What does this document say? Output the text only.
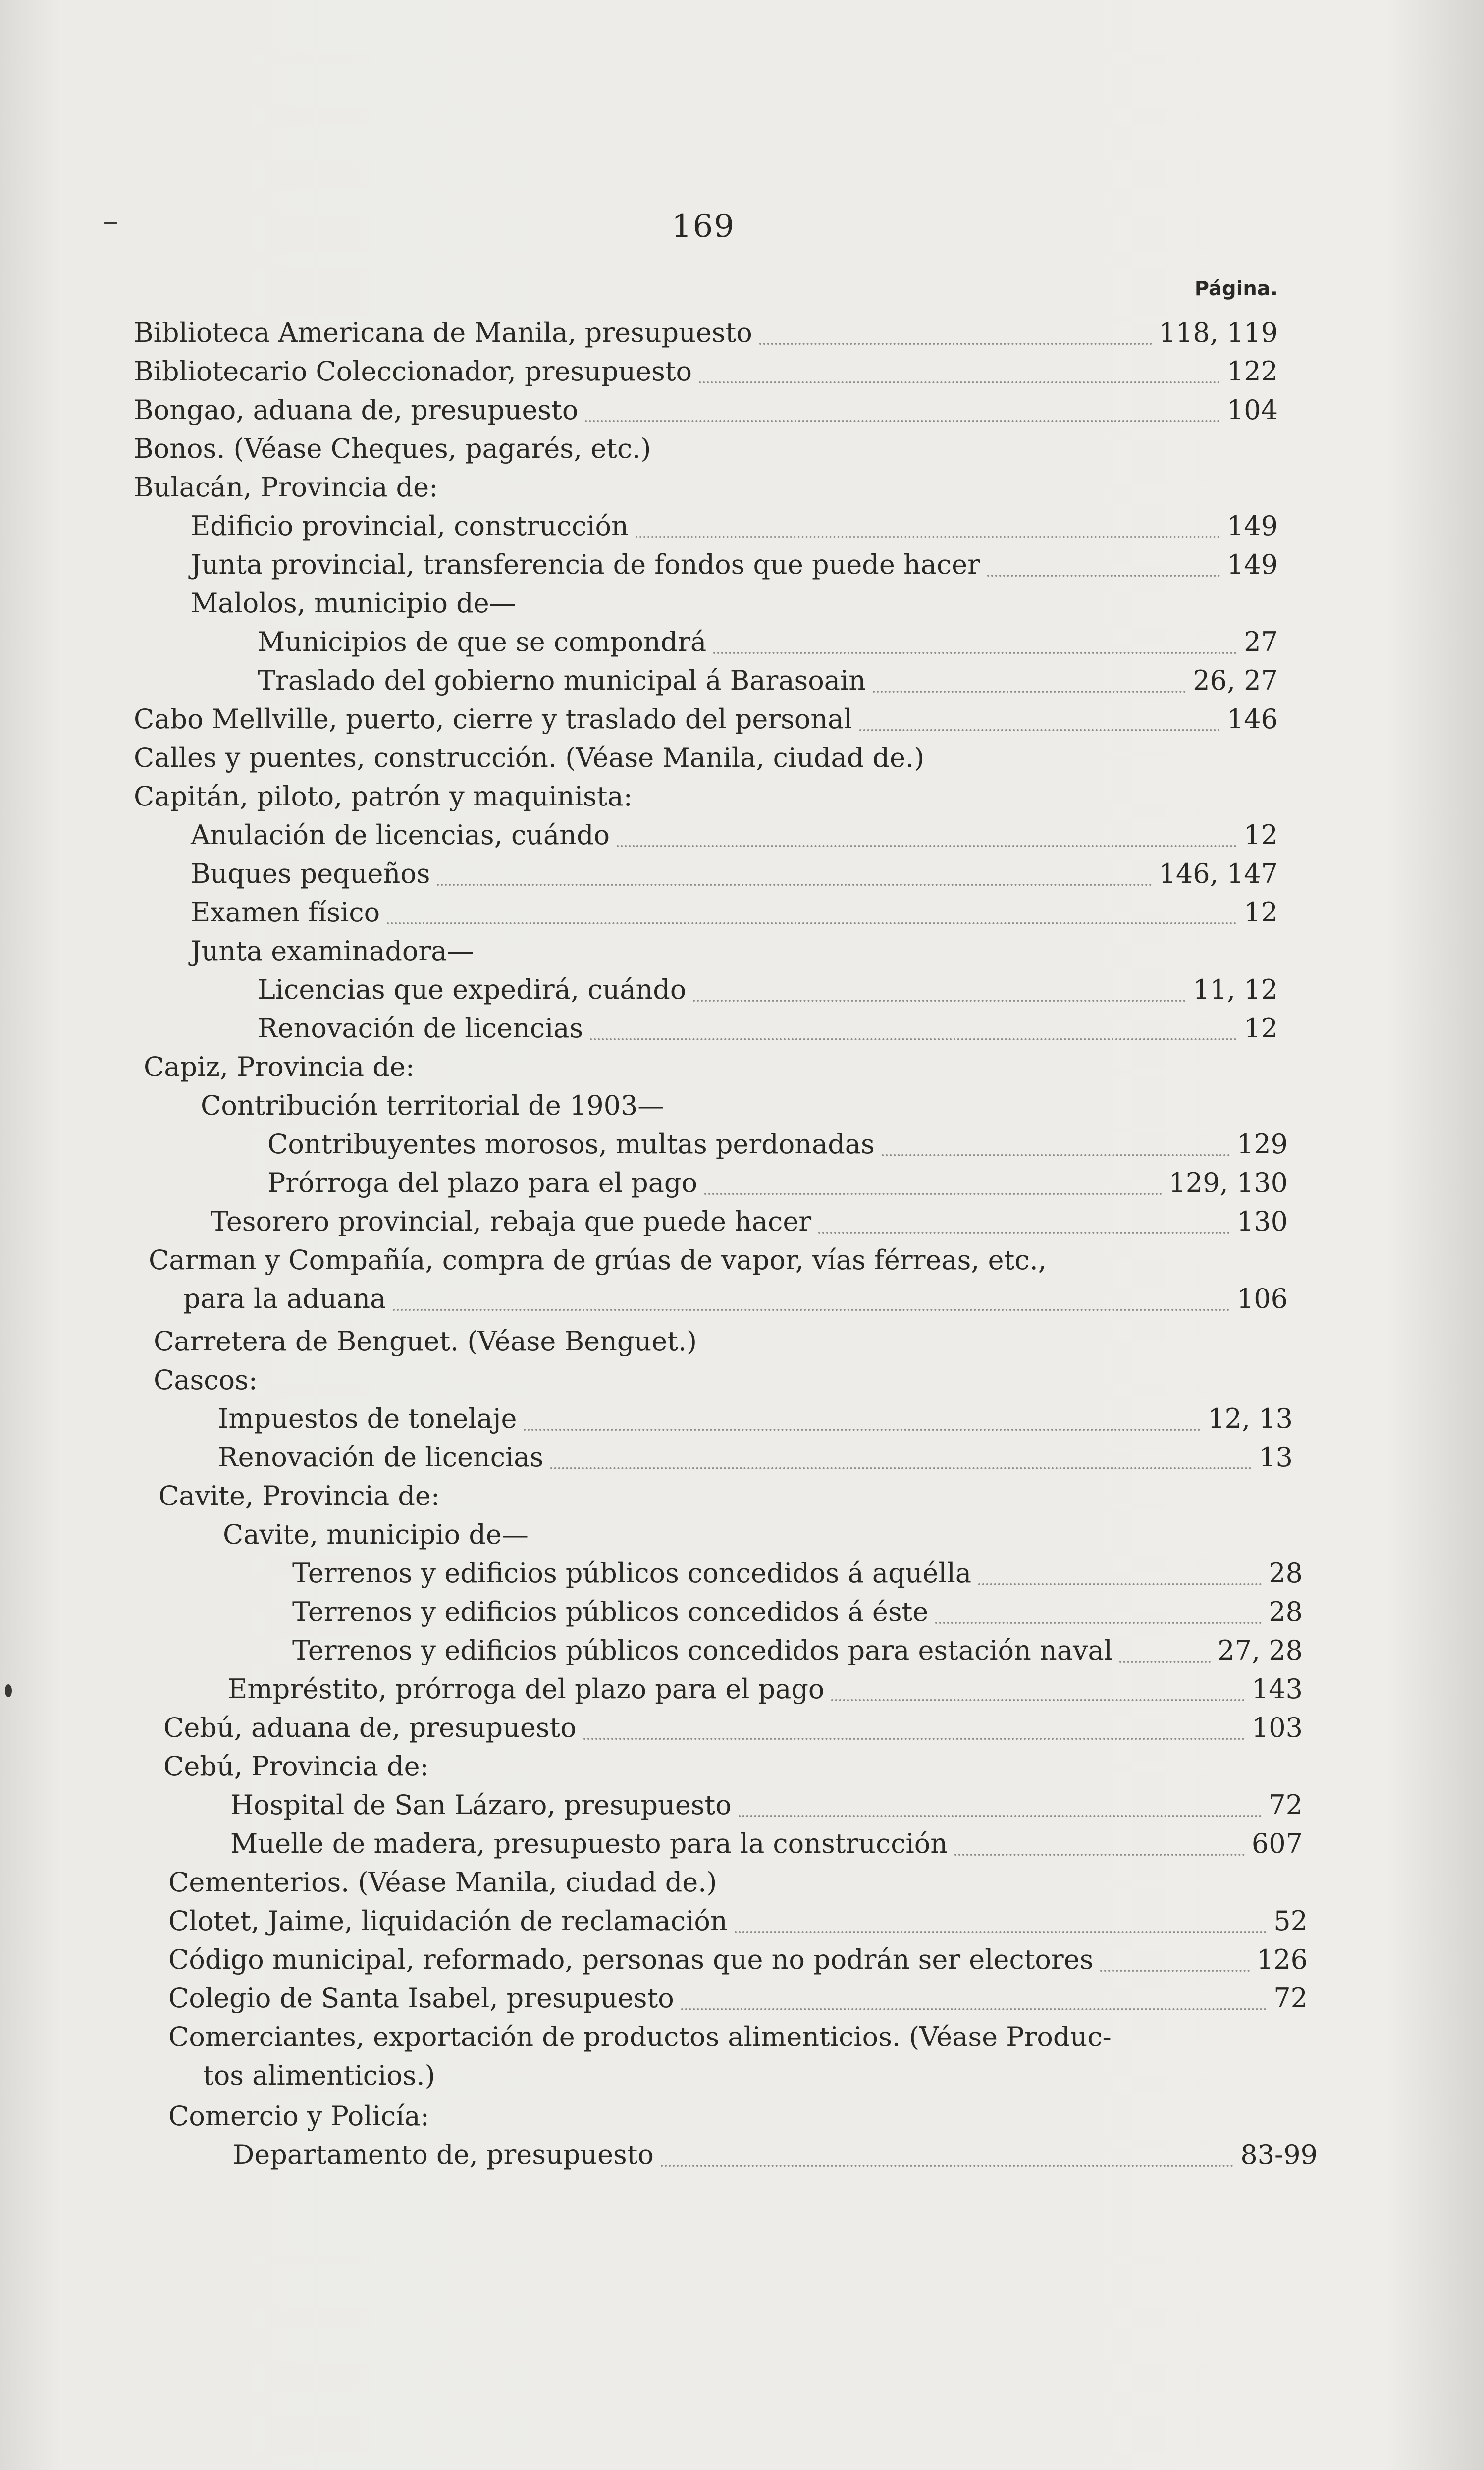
169
Página.
Biblioteca Americana de Manila, presupuesto	118, 119
Bibliotecario Coleccionador, presupuesto	122
Bongao, aduana de, presupuesto	104
Bonos. (Véase Cheques, pagarés, etc.)
Bulacán, Provincia de:
Edificio provincial, construcción	149
Junta provincial, transferencia de fondos que puede hacer	149
Malolos, municipio de—
Municipios de que se compondrá	27
Traslado del gobierno municipal á Barasoain	26, 27
Cabo Mellville, puerto, cierre y traslado del personal	146
Calles y puentes, construcción. (Véase Manila, ciudad de.)
Capitán, piloto, patrón y maquinista:
Anulación de licencias, cuándo	12
Buques pequeños	146, 147
Examen físico	12
Junta examinadora—
Licencias que expedirá, cuándo	11, 12
Renovación de licencias	12
Capiz, Provincia de:
Contribución territorial de 1903—
Contribuyentes morosos, multas perdonadas	129
Prórroga del plazo para el pago	129, 130
Tesorero provincial, rebaja que puede hacer	130
Carman y Compañía, compra de grúas de vapor, vías férreas, etc.,
para la aduana	106
Carretera de Benguet. (Véase Benguet.)
Cascos:
Impuestos de tonelaje	12, 13
Renovación de licencias	13
Cavite, Provincia de:
Cavite, municipio de—
Terrenos y edificios públicos concedidos á aquélla	28
Terrenos y edificios públicos concedidos á éste	28
Terrenos y edificios públicos concedidos para estación naval	27, 28
Empréstito, prórroga del plazo para el pago	143
Cebú, aduana de, presupuesto	103
Cebú, Provincia de:
Hospital de San Lázaro, presupuesto	72
Muelle de madera, presupuesto para la construcción	607
Cementerios. (Véase Manila, ciudad de.)
Clotet, Jaime, liquidación de reclamación	52
Código municipal, reformado, personas que no podrán ser electores	126
Colegio de Santa Isabel, presupuesto	72
Comerciantes, exportación de productos alimenticios. (Véase Produc-
tos alimenticios.)
Comercio y Policía:
Departamento de, presupuesto	83-99
